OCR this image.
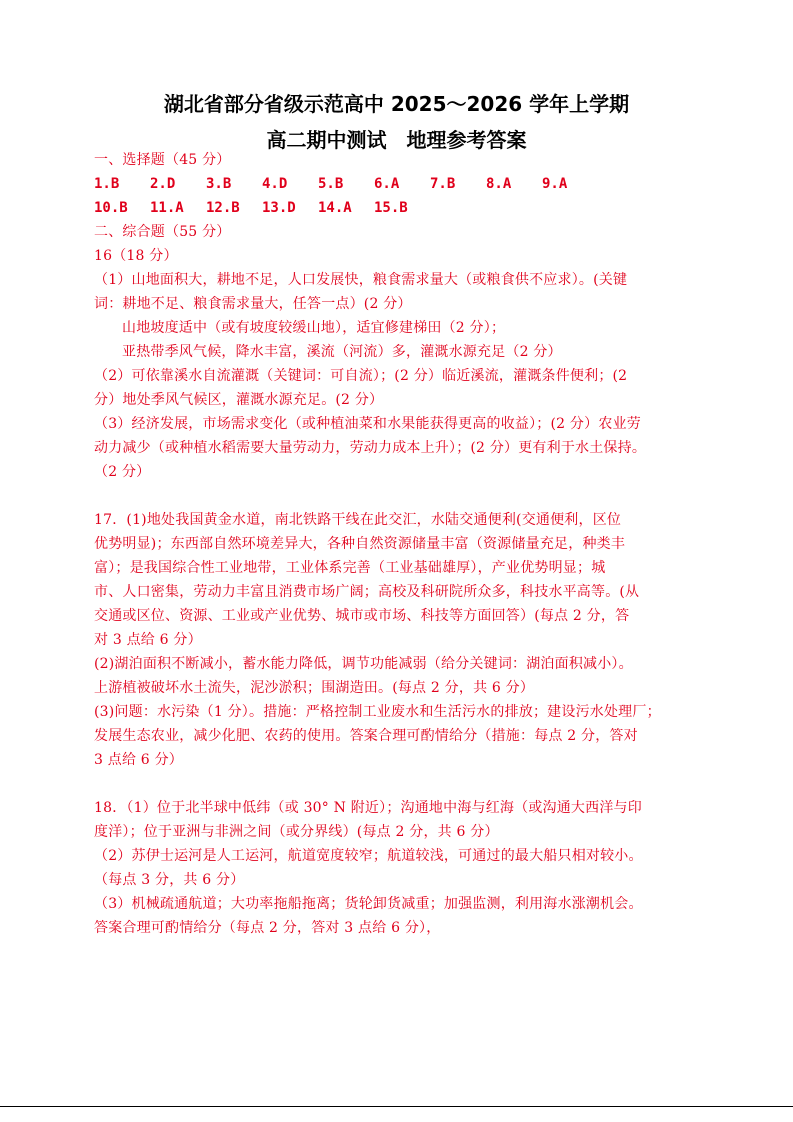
湖北省部分省级示范高中 2025～2026 学年上学期
高二期中测试　地理参考答案
一、选择题（45 分）
1.B 2.D 3.B 4.D 5.B 6.A 7.B 8.A 9.A
10.B 11.A 12.B 13.D 14.A 15.B
二、综合题（55 分）
16（18 分）
（1）山地面积大，耕地不足，人口发展快，粮食需求量大（或粮食供不应求）。(关键
词：耕地不足、粮食需求量大，任答一点）(2 分）
山地坡度适中（或有坡度较缓山地），适宜修建梯田（2 分）；
亚热带季风气候，降水丰富，溪流（河流）多，灌溉水源充足（2 分）
（2）可依靠溪水自流灌溉（关键词：可自流）；(2 分）临近溪流，灌溉条件便利；(2
分）地处季风气候区，灌溉水源充足。(2 分）
（3）经济发展，市场需求变化（或种植油菜和水果能获得更高的收益）；(2 分）农业劳
动力减少（或种植水稻需要大量劳动力，劳动力成本上升）；(2 分）更有利于水土保持。
（2 分）
17．(1)地处我国黄金水道，南北铁路干线在此交汇，水陆交通便利(交通便利，区位
优势明显)；东西部自然环境差异大，各种自然资源储量丰富（资源储量充足，种类丰
富）；是我国综合性工业地带，工业体系完善（工业基础雄厚），产业优势明显；城
市、人口密集，劳动力丰富且消费市场广阔；高校及科研院所众多，科技水平高等。(从
交通或区位、资源、工业或产业优势、城市或市场、科技等方面回答）(每点 2 分，答
对 3 点给 6 分）
(2)湖泊面积不断减小，蓄水能力降低，调节功能减弱（给分关键词：湖泊面积减小）。
上游植被破坏水土流失，泥沙淤积；围湖造田。(每点 2 分，共 6 分）
(3)问题：水污染（1 分）。措施：严格控制工业废水和生活污水的排放；建设污水处理厂；
发展生态农业，减少化肥、农药的使用。答案合理可酌情给分（措施：每点 2 分，答对
3 点给 6 分）
18．（1）位于北半球中低纬（或 30° N 附近）；沟通地中海与红海（或沟通大西洋与印
度洋）；位于亚洲与非洲之间（或分界线）(每点 2 分，共 6 分）
（2）苏伊士运河是人工运河，航道宽度较窄；航道较浅，可通过的最大船只相对较小。
（每点 3 分，共 6 分）
（3）机械疏通航道；大功率拖船拖离；货轮卸货减重；加强监测，利用海水涨潮机会。
答案合理可酌情给分（每点 2 分，答对 3 点给 6 分），
